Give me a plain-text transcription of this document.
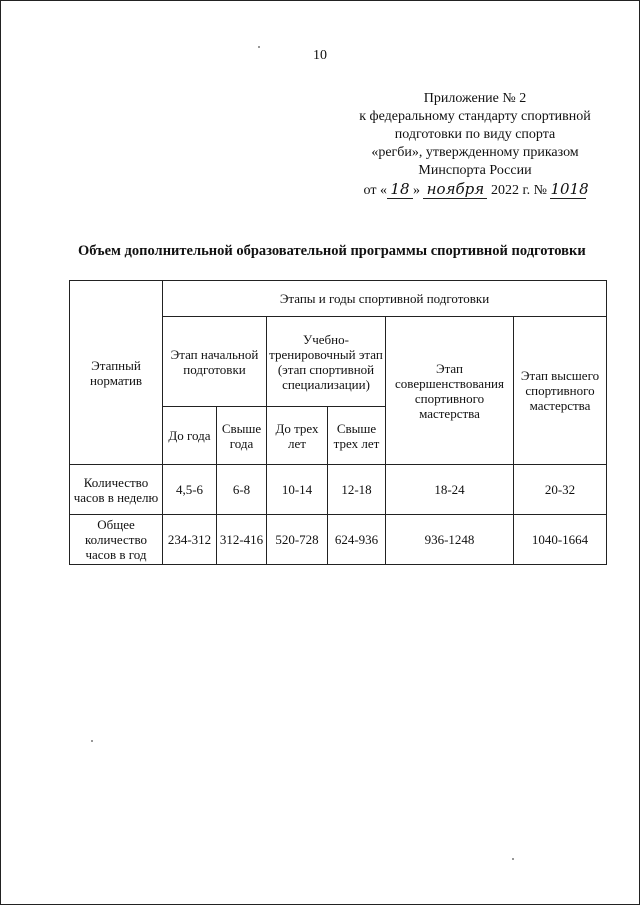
10
Приложение № 2
к федеральному стандарту спортивной
подготовки по виду спорта
«регби», утвержденному приказом
Минспорта России
от « 18 » ноября 2022 г. № 1018
Объем дополнительной образовательной программы спортивной подготовки
Этапный норматив	Этапы и годы спортивной подготовки					
	Этап начальной подготовки		Учебно-тренировочный этап (этап спортивной специализации)		Этап совершенствования спортивного мастерства	Этап высшего спортивного мастерства
	До года	Свыше года	До трех лет	Свыше трех лет		
Количество часов в неделю	4,5-6	6-8	10-14	12-18	18-24	20-32
Общее количество часов в год	234-312	312-416	520-728	624-936	936-1248	1040-1664
